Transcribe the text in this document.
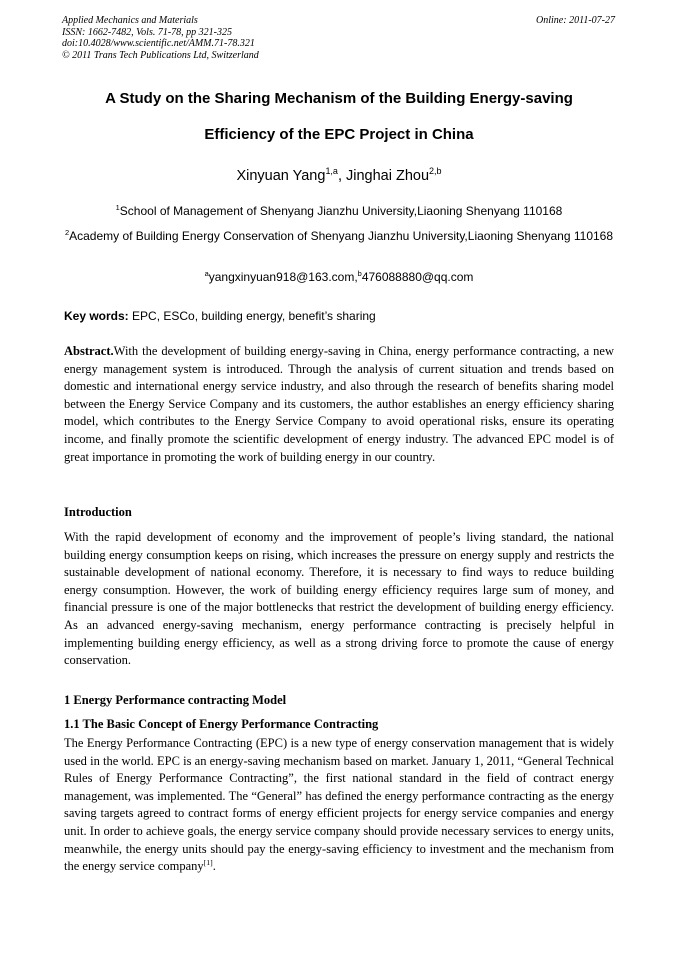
Applied Mechanics and Materials
ISSN: 1662-7482, Vols. 71-78, pp 321-325
doi:10.4028/www.scientific.net/AMM.71-78.321
© 2011 Trans Tech Publications Ltd, Switzerland
Online: 2011-07-27
A Study on the Sharing Mechanism of the Building Energy-saving
Efficiency of the EPC Project in China
Xinyuan Yang$^{1,a}$, Jinghai Zhou$^{2,b}$
$^1$School of Management of Shenyang Jianzhu University,Liaoning Shenyang 110168
$^2$Academy of Building Energy Conservation of Shenyang Jianzhu University,Liaoning Shenyang 110168
$^a$yangxinyuan918@163.com,$^b$476088880@qq.com
Key words: EPC, ESCo, building energy, benefit’s sharing

Abstract.With the development of building energy-saving in China, energy performance contracting, a new energy management system is introduced. Through the analysis of current situation and trends based on domestic and international energy service industry, and also through the research of benefits sharing model between the Energy Service Company and its customers, the author establishes an energy efficiency sharing model, which contributes to the Energy Service Company to avoid operational risks, ensure its operating income, and finally promote the scientific development of energy industry. The advanced EPC model is of great importance in promoting the work of building energy in our country.

Introduction

With the rapid development of economy and the improvement of people’s living standard, the national building energy consumption keeps on rising, which increases the pressure on energy supply and restricts the sustainable development of national economy. Therefore, it is necessary to find ways to reduce building energy consumption. However, the work of building energy efficiency requires large sum of money, and financial pressure is one of the major bottlenecks that restrict the development of building energy efficiency. As an advanced energy-saving mechanism, energy performance contracting is precisely helpful in implementing building energy efficiency, as well as a strong driving force to promote the cause of energy conservation.

1 Energy Performance contracting Model
1.1 The Basic Concept of Energy Performance Contracting

The Energy Performance Contracting (EPC) is a new type of energy conservation management that is widely used in the world. EPC is an energy-saving mechanism based on market. January 1, 2011, “General Technical Rules of Energy Performance Contracting”, the first national standard in the field of contract energy management, was implemented. The “General” has defined the energy performance contracting as the energy saving targets agreed to contract forms of energy efficient projects for energy service companies and energy unit. In order to achieve goals, the energy service company should provide necessary services to energy units, meanwhile, the energy units should pay the energy-saving efficiency to investment and the mechanism from the energy service company[1].
